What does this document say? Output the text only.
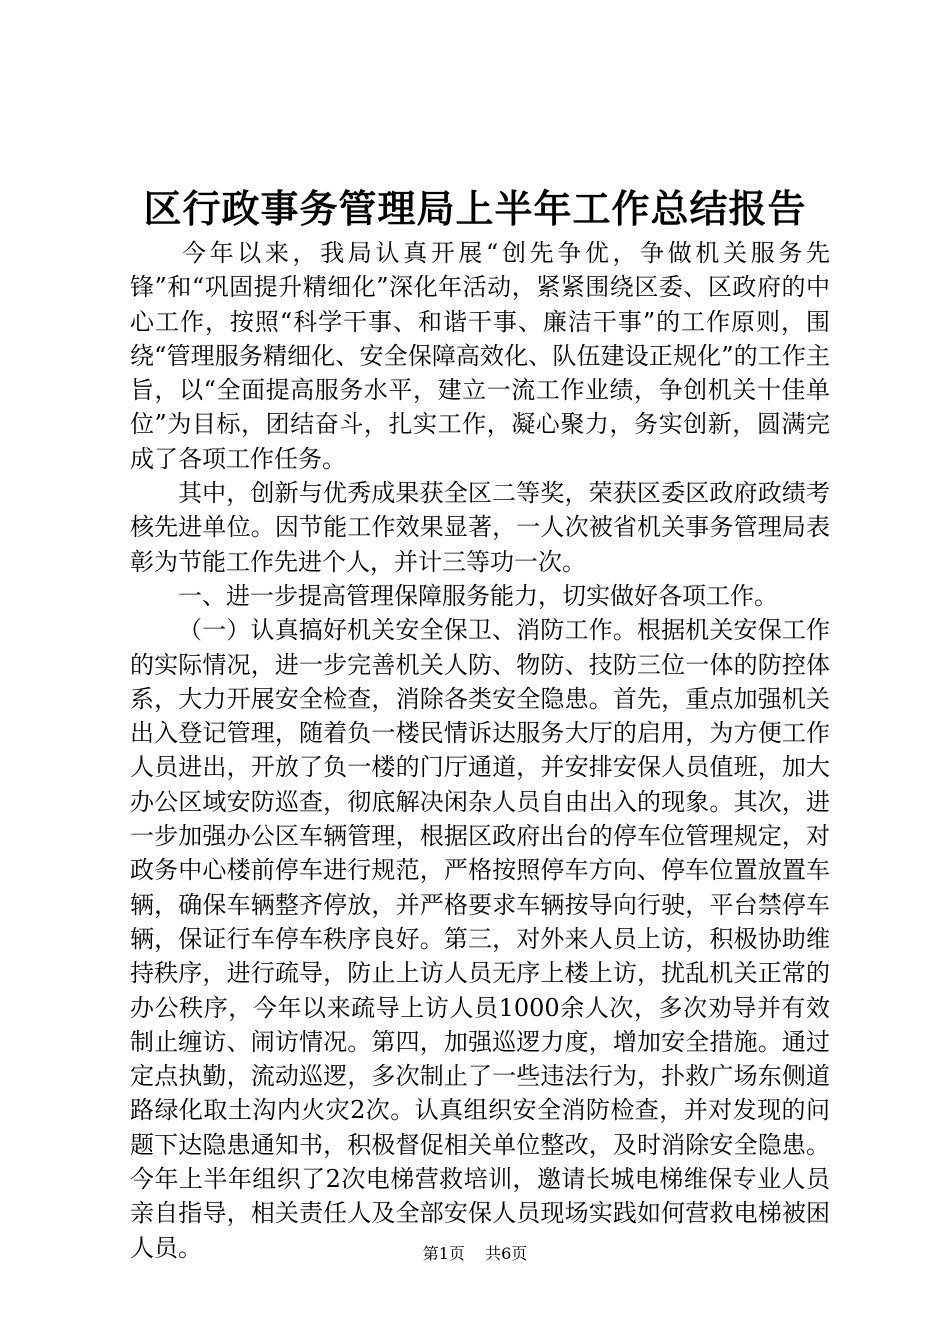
区行政事务管理局上半年工作总结报告

今年以来，我局认真开展“创先争优，争做机关服务先锋”和“巩固提升精细化”深化年活动，紧紧围绕区委、区政府的中心工作，按照“科学干事、和谐干事、廉洁干事”的工作原则，围绕“管理服务精细化、安全保障高效化、队伍建设正规化”的工作主旨，以“全面提高服务水平，建立一流工作业绩，争创机关十佳单位”为目标，团结奋斗，扎实工作，凝心聚力，务实创新，圆满完成了各项工作任务。

其中，创新与优秀成果获全区二等奖，荣获区委区政府政绩考核先进单位。因节能工作效果显著，一人次被省机关事务管理局表彰为节能工作先进个人，并计三等功一次。

一、进一步提高管理保障服务能力，切实做好各项工作。

（一）认真搞好机关安全保卫、消防工作。根据机关安保工作的实际情况，进一步完善机关人防、物防、技防三位一体的防控体系，大力开展安全检查，消除各类安全隐患。首先，重点加强机关出入登记管理，随着负一楼民情诉达服务大厅的启用，为方便工作人员进出，开放了负一楼的门厅通道，并安排安保人员值班，加大办公区域安防巡查，彻底解决闲杂人员自由出入的现象。其次，进一步加强办公区车辆管理，根据区政府出台的停车位管理规定，对政务中心楼前停车进行规范，严格按照停车方向、停车位置放置车辆，确保车辆整齐停放，并严格要求车辆按导向行驶，平台禁停车辆，保证行车停车秩序良好。第三，对外来人员上访，积极协助维持秩序，进行疏导，防止上访人员无序上楼上访，扰乱机关正常的办公秩序，今年以来疏导上访人员1000余人次，多次劝导并有效制止缠访、闹访情况。第四，加强巡逻力度，增加安全措施。通过定点执勤，流动巡逻，多次制止了一些违法行为，扑救广场东侧道路绿化取土沟内火灾2次。认真组织安全消防检查，并对发现的问题下达隐患通知书，积极督促相关单位整改，及时消除安全隐患。今年上半年组织了2次电梯营救培训，邀请长城电梯维保专业人员亲自指导，相关责任人及全部安保人员现场实践如何营救电梯被困人员。	第1页 共6页
